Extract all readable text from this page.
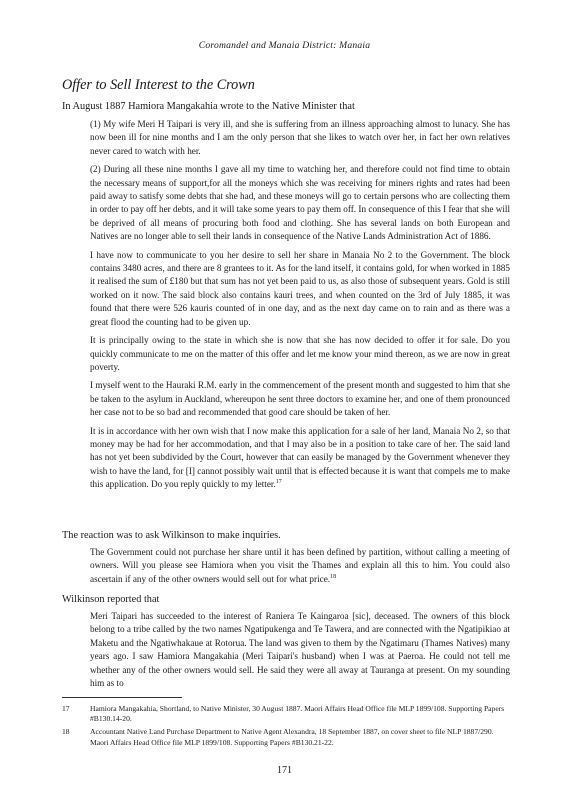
Coromandel and Manaia District: Manaia
Offer to Sell Interest to the Crown
In August 1887 Hamiora Mangakahia wrote to the Native Minister that

(1) My wife Meri H Taipari is very ill, and she is suffering from an illness approaching almost to lunacy. She has now been ill for nine months and I am the only person that she likes to watch over her, in fact her own relatives never cared to watch with her.

(2) During all these nine months I gave all my time to watching her, and therefore could not find time to obtain the necessary means of support,for all the moneys which she was receiving for miners rights and rates had been paid away to satisfy some debts that she had, and these moneys will go to certain persons who are collecting them in order to pay off her debts, and it will take some years to pay them off. In consequence of this I fear that she will be deprived of all means of procuring both food and clothing. She has several lands on both European and Natives are no longer able to sell their lands in consequence of the Native Lands Administration Act of 1886.

I have now to communicate to you her desire to sell her share in Manaia No 2 to the Government. The block contains 3480 acres, and there are 8 grantees to it. As for the land itself, it contains gold, for when worked in 1885 it realised the sum of £180 but that sum has not yet been paid to us, as also those of subsequent years. Gold is still worked on it now. The said block also contains kauri trees, and when counted on the 3rd of July 1885, it was found that there were 526 kauris counted of in one day, and as the next day came on to rain and as there was a great flood the counting had to be given up.

It is principally owing to the state in which she is now that she has now decided to offer it for sale. Do you quickly communicate to me on the matter of this offer and let me know your mind thereon, as we are now in great poverty.

I myself went to the Hauraki R.M. early in the commencement of the present month and suggested to him that she be taken to the asylum in Auckland, whereupon he sent three doctors to examine her, and one of them pronounced her case not to be so bad and recommended that good care should be taken of her.

It is in accordance with her own wish that I now make this application for a sale of her land, Manaia No 2, so that money may be had for her accommodation, and that I may also be in a position to take care of her. The said land has not yet been subdivided by the Court, however that can easily be managed by the Government whenever they wish to have the land, for [I] cannot possibly wait until that is effected because it is want that compels me to make this application. Do you reply quickly to my letter.$^{17}$

The reaction was to ask Wilkinson to make inquiries.

The Government could not purchase her share until it has been defined by partition, without calling a meeting of owners. Will you please see Hamiora when you visit the Thames and explain all this to him. You could also ascertain if any of the other owners would sell out for what price.$^{18}$

Wilkinson reported that

Meri Taipari has succeeded to the interest of Raniera Te Kaingaroa [sic], deceased. The owners of this block belong to a tribe called by the two names Ngatipukenga and Te Tawera, and are connected with the Ngatipikiao at Maketu and the Ngatiwhakaue at Rotorua. The land was given to them by the Ngatimaru (Thames Natives) many years ago. I saw Hamiora Mangakahia (Meri Taipari's husband) when I was at Paeroa. He could not tell me whether any of the other owners would sell. He said they were all away at Tauranga at present. On my sounding him as to

17	Hamiora Mangakahia, Shortland, to Native Minister, 30 August 1887. Maori Affairs Head Office file MLP 1899/108. Supporting Papers #B130.14-20.
18	Accountant Native Land Purchase Department to Native Agent Alexandra, 18 September 1887, on cover sheet to file NLP 1887/290. Maori Affairs Head Office file MLP 1899/108. Supporting Papers #B130.21-22.
171
